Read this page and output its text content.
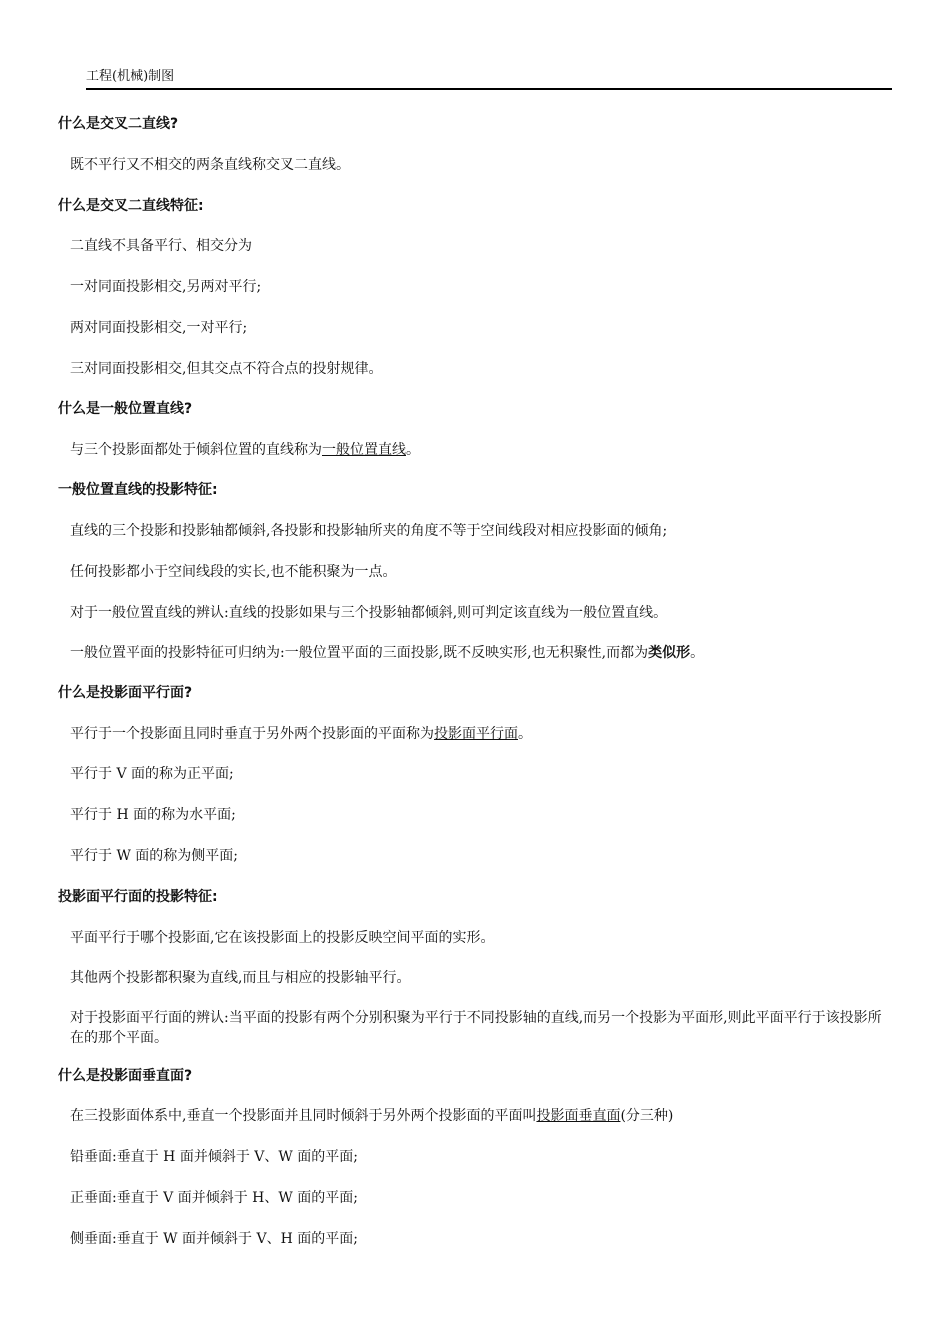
工程(机械)制图

什么是交叉二直线?

既不平行又不相交的两条直线称交叉二直线。

什么是交叉二直线特征:

二直线不具备平行、相交分为

一对同面投影相交,另两对平行;

两对同面投影相交,一对平行;

三对同面投影相交,但其交点不符合点的投射规律。

什么是一般位置直线?

与三个投影面都处于倾斜位置的直线称为一般位置直线。

一般位置直线的投影特征:

直线的三个投影和投影轴都倾斜,各投影和投影轴所夹的角度不等于空间线段对相应投影面的倾角;

任何投影都小于空间线段的实长,也不能积聚为一点。

对于一般位置直线的辨认:直线的投影如果与三个投影轴都倾斜,则可判定该直线为一般位置直线。

一般位置平面的投影特征可归纳为:一般位置平面的三面投影,既不反映实形,也无积聚性,而都为类似形。

什么是投影面平行面?

平行于一个投影面且同时垂直于另外两个投影面的平面称为投影面平行面。

平行于 V 面的称为正平面;

平行于 H 面的称为水平面;

平行于 W 面的称为侧平面;

投影面平行面的投影特征:

平面平行于哪个投影面,它在该投影面上的投影反映空间平面的实形。

其他两个投影都积聚为直线,而且与相应的投影轴平行。

对于投影面平行面的辨认:当平面的投影有两个分别积聚为平行于不同投影轴的直线,而另一个投影为平面形,则此平面平行于该投影所在的那个平面。

什么是投影面垂直面?

在三投影面体系中,垂直一个投影面并且同时倾斜于另外两个投影面的平面叫投影面垂直面(分三种)

铅垂面:垂直于 H 面并倾斜于 V、W 面的平面;

正垂面:垂直于 V 面并倾斜于 H、W 面的平面;

侧垂面:垂直于 W 面并倾斜于 V、H 面的平面;
